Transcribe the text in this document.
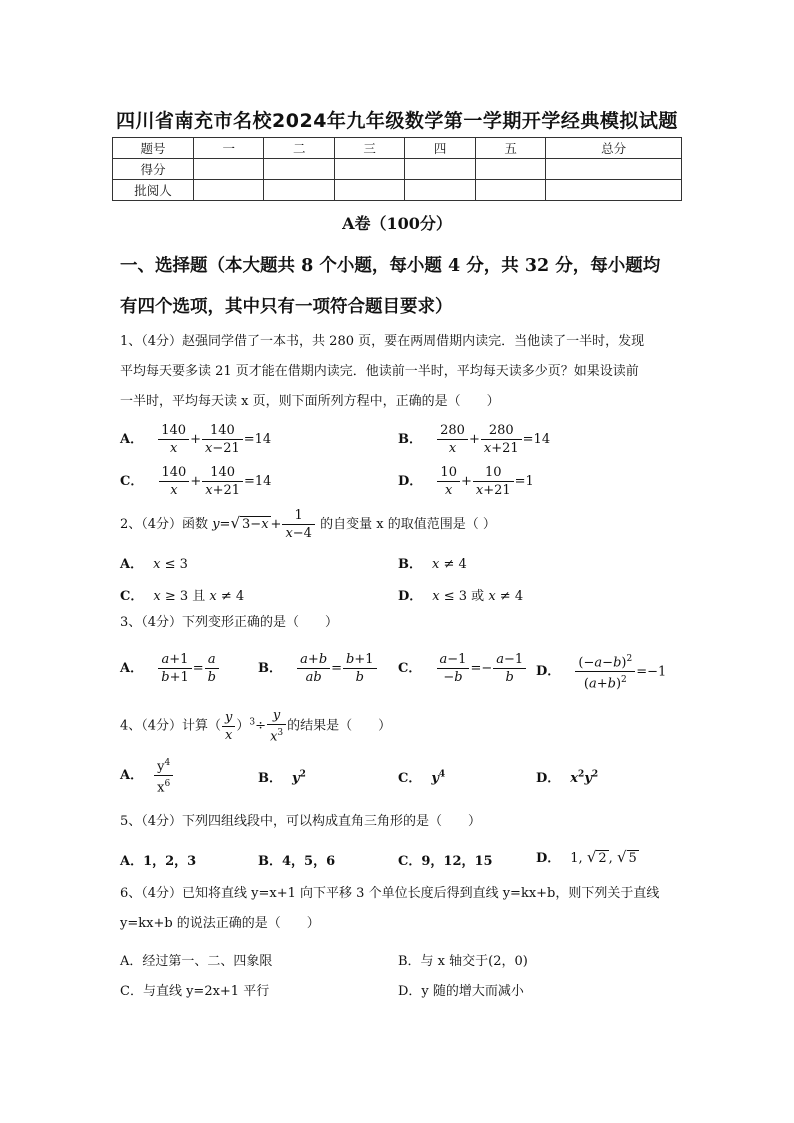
四川省南充市名校2024年九年级数学第一学期开学经典模拟试题
题号	一	二	三	四	五	总分
得分						
批阅人						
A卷（100分）
一、选择题（本大题共 8 个小题，每小题 4 分，共 32 分，每小题均
有四个选项，其中只有一项符合题目要求）
1、（4分）赵强同学借了一本书，共 280 页，要在两周借期内读完．当他读了一半时，发现
平均每天要多读 21 页才能在借期内读完．他读前一半时，平均每天读多少页？如果设读前
一半时，平均每天读 x 页，则下面所列方程中，正确的是（　　）
A． $\frac{140}{x} + \frac{140}{x-21} =14$	B． $\frac{280}{x} + \frac{280}{x+21} =14$
C． $\frac{140}{x} + \frac{140}{x+21} =14$	D． $\frac{10}{x} + \frac{10}{x+21} =1$
2、（4分）函数 y=√ $3-x + \frac{1}{x-4}$ 的自变量 x 的取值范围是（ ）
A． x ≤ 3	B． x ≠ 4
C． x ≥ 3 且 x ≠ 4	D． x ≤ 3 或 x ≠ 4
3、（4分）下列变形正确的是（　　）
A． $\frac{a+1}{b+1} = \frac{a}{b}$	B． $\frac{a+b}{ab} = \frac{b+1}{b}$ C． $\frac{a-1}{-b} =- \frac{a-1}{b}$ D． $\frac{(-a-b)^2}{(a+b)^2} =-1$
4、（4分）计算（ $\frac{y}{x} )^3\div \frac{y}{x^3}$ 的结果是（　　）
A． $\frac{y^4}{x^6}$	B． $y^2$	C． $y^4$	D． $x^2y^2$
5、（4分）下列四组线段中，可以构成直角三角形的是（　　）
A．1，2，3	B．4，5，6	C．9，12，15	D． 1, √ 2 , √ 5
6、（4分）已知将直线 y=x+1 向下平移 3 个单位长度后得到直线 y=kx+b，则下列关于直线
y=kx+b 的说法正确的是（　　）
A．经过第一、二、四象限	B．与 x 轴交于(2，0)
C．与直线 y=2x+1 平行	D．y 随的增大而减小
